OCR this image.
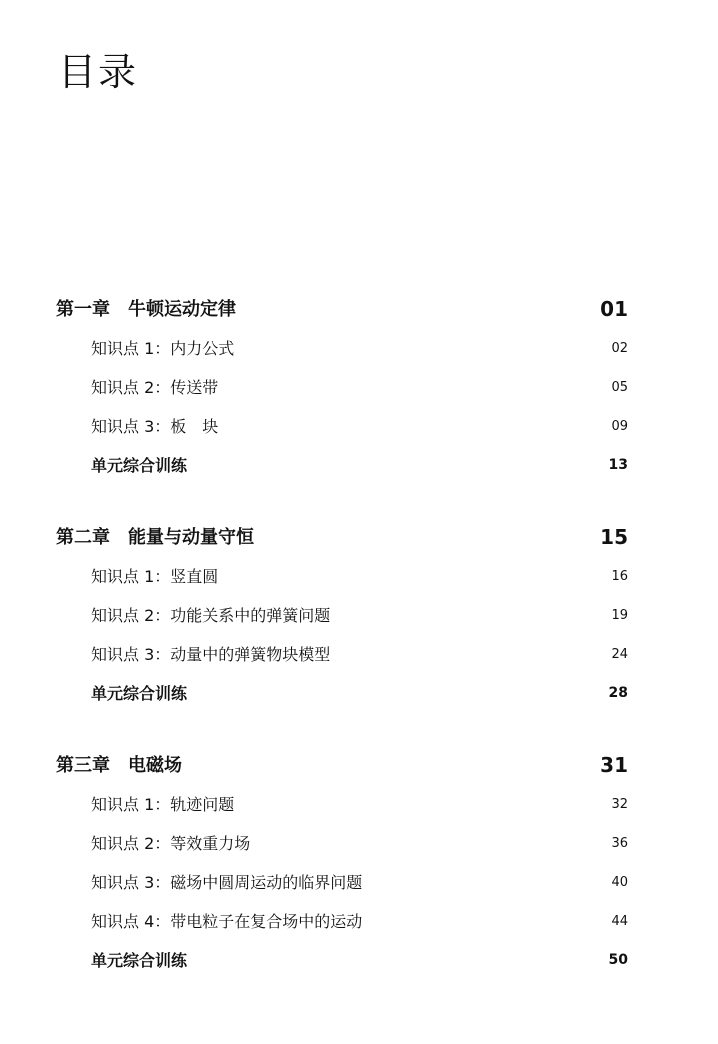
目录
第一章　牛顿运动定律	01
知识点 1：内力公式	02
知识点 2：传送带	05
知识点 3：板　块	09
单元综合训练	13
第二章　能量与动量守恒	15
知识点 1：竖直圆	16
知识点 2：功能关系中的弹簧问题	19
知识点 3：动量中的弹簧物块模型	24
单元综合训练	28
第三章　电磁场	31
知识点 1：轨迹问题	32
知识点 2：等效重力场	36
知识点 3：磁场中圆周运动的临界问题	40
知识点 4：带电粒子在复合场中的运动	44
单元综合训练	50
